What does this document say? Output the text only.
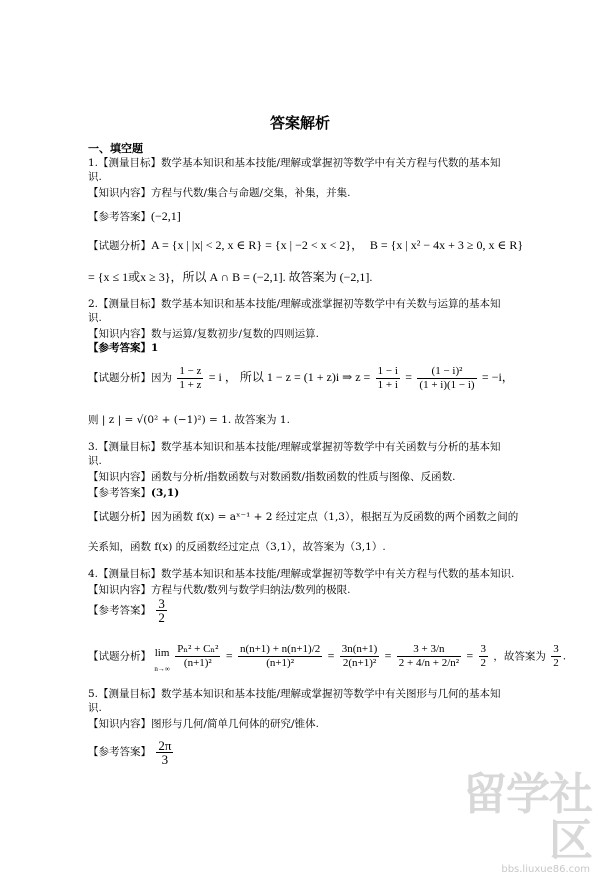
答案解析
一、填空题
1.【测量目标】数学基本知识和基本技能/理解或掌握初等数学中有关方程与代数的基本知
识.
【知识内容】方程与代数/集合与命题/交集，补集，并集.
【参考答案】(−2,1]
【试题分析】A = {x | |x| < 2, x ∈ R} = {x | −2 < x < 2}， B = {x | x² − 4x + 3 ≥ 0, x ∈ R}
= {x ≤ 1或x ≥ 3}，所以 A ∩ B = (−2,1]. 故答案为 (−2,1].
2.【测量目标】数学基本知识和基本技能/理解或涨掌握初等数学中有关数与运算的基本知
识.
【知识内容】数与运算/复数初步/复数的四则运算.
【参考答案】1
【试题分析】因为 $\frac{1 - z}{1 + z} = i$ ， 所以 1 − z = (1 + z)i ⇒ $z = \frac{1 - i}{1 + i} = \frac{\text{(1 − i)²}}{(1 + i)(1 - i)} = -i$，
则 | z | = √(0² + (−1)²) = 1. 故答案为 1.
3.【测量目标】数学基本知识和基本技能/理解或掌握初等数学中有关函数与分析的基本知
识.
【知识内容】函数与分析/指数函数与对数函数/指数函数的性质与图像、反函数.
【参考答案】(3,1)
【试题分析】因为函数 f(x) = aˣ⁻¹ + 2 经过定点（1,3），根据互为反函数的两个函数之间的
关系知，函数 f(x) 的反函数经过定点（3,1），故答案为（3,1）.
4.【测量目标】数学基本知识和基本技能/理解或掌握初等数学中有关方程与代数的基本知识.
【知识内容】方程与代数/数列与数学归纳法/数列的极限.
【参考答案】 $\frac{3}{2}$
【试题分析】 lim
n→∞
$\frac{\text{Pₙ² + Cₙ²}}{\text{(n+1)²}} = \frac{n(n+1) + n(n+1)/2}{\text{(n+1)²}} = \frac{3n(n+1)}{\text{2(n+1)²}} = \frac{3 + 3/n}{\text{2 + 4/n + 2/n²}} = \frac{3}{2}$ ，故答案为 $\frac{3}{2}$ .
5.【测量目标】数学基本知识和基本技能/理解或掌握初等数学中有关图形与几何的基本知
识.
【知识内容】图形与几何/简单几何体的研究/锥体.
【参考答案】 $\frac{2\pi}{3}$
留学社区
bbs.liuxue86.com
